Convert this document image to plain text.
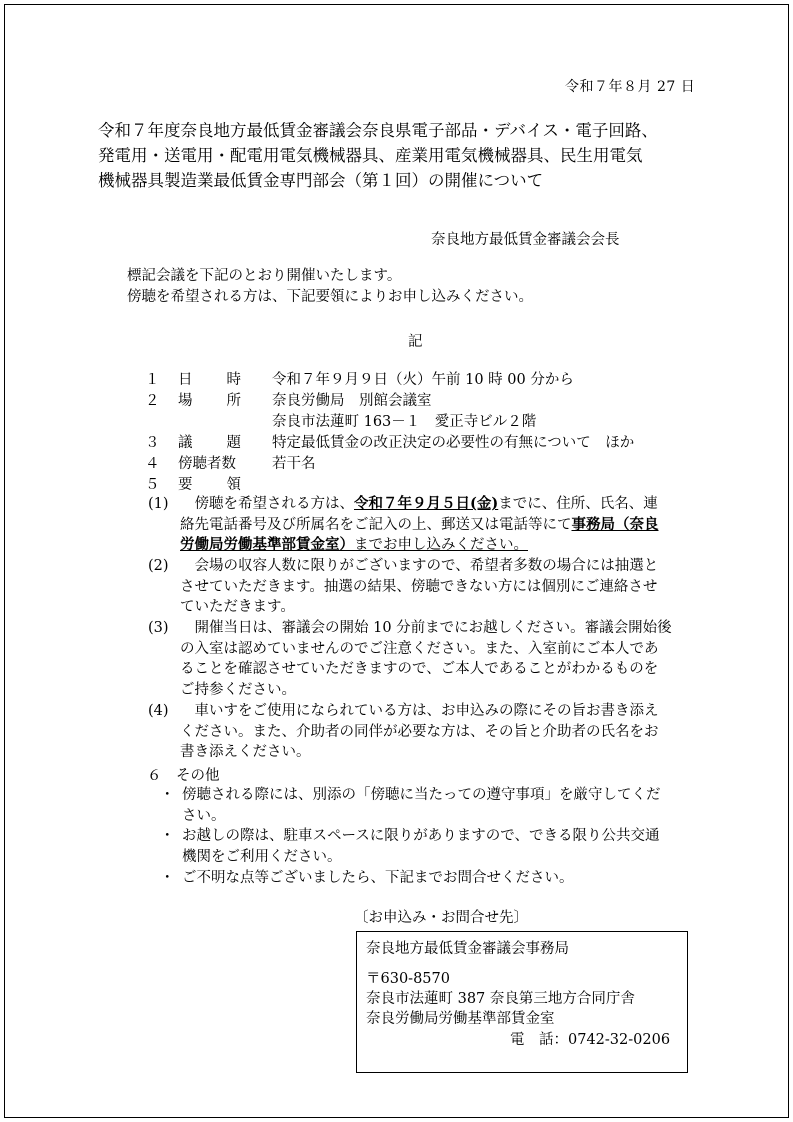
令和７年８月 27 日
令和７年度奈良地方最低賃金審議会奈良県電子部品・デバイス・電子回路、
発電用・送電用・配電用電気機械器具、産業用電気機械器具、民生用電気
機械器具製造業最低賃金専門部会（第１回）の開催について
奈良地方最低賃金審議会会長
標記会議を下記のとおり開催いたします。
傍聴を希望される方は、下記要領によりお申し込みください。
記
１ 日 時 令和７年９月９日（火）午前 10 時 00 分から
２ 場 所 奈良労働局　別館会議室
奈良市法蓮町 163－１　愛正寺ビル２階
３ 議 題 特定最低賃金の改正決定の必要性の有無について　ほか
４ 傍聴者数 若干名
５ 要 領
(1) 　傍聴を希望される方は、令和７年９月５日(金)までに、住所、氏名、連
絡先電話番号及び所属名をご記入の上、郵送又は電話等にて事務局（奈良
労働局労働基準部賃金室）までお申し込みください。
(2) 　会場の収容人数に限りがございますので、希望者多数の場合には抽選と
させていただきます。抽選の結果、傍聴できない方には個別にご連絡させ
ていただきます。
(3) 　開催当日は、審議会の開始 10 分前までにお越しください。審議会開始後
の入室は認めていませんのでご注意ください。また、入室前にご本人であ
ることを確認させていただきますので、ご本人であることがわかるものを
ご持参ください。
(4) 　車いすをご使用になられている方は、お申込みの際にその旨お書き添え
ください。また、介助者の同伴が必要な方は、その旨と介助者の氏名をお
書き添えください。
６　その他
・ 傍聴される際には、別添の「傍聴に当たっての遵守事項」を厳守してくだ
さい。
・ お越しの際は、駐車スペースに限りがありますので、できる限り公共交通
機関をご利用ください。
・ ご不明な点等ございましたら、下記までお問合せください。
〔お申込み・お問合せ先〕
奈良地方最低賃金審議会事務局
〒630-8570
奈良市法蓮町 387 奈良第三地方合同庁舎
奈良労働局労働基準部賃金室
電　話：0742-32-0206
